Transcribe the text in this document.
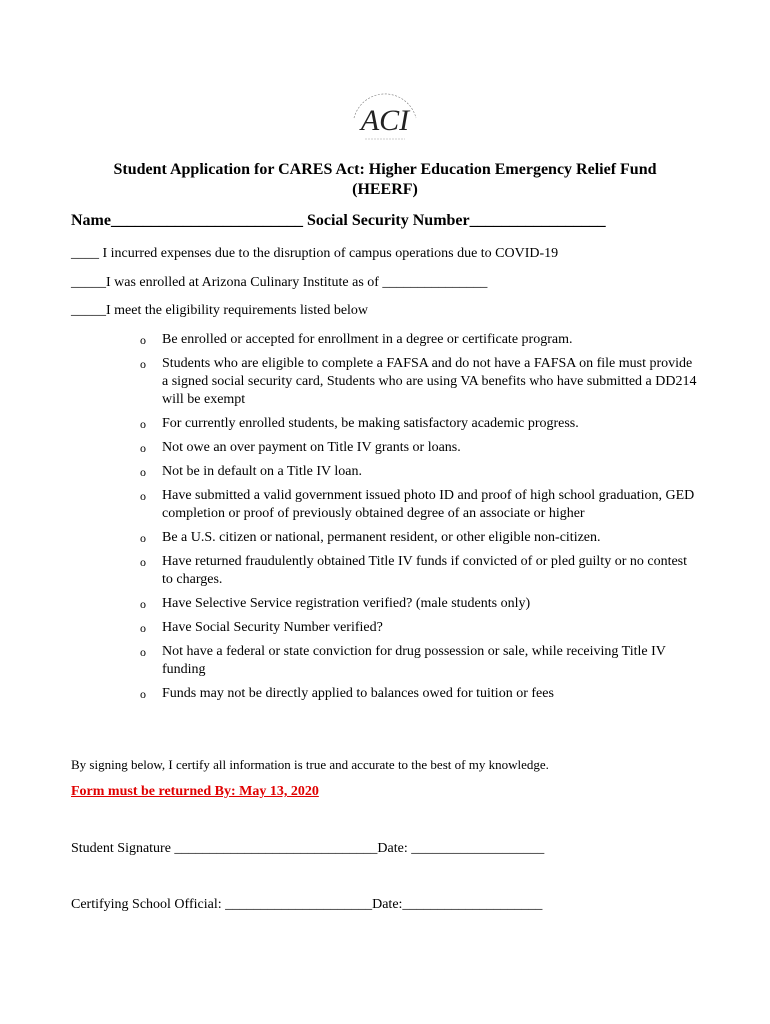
ACI
Student Application for CARES Act: Higher Education Emergency Relief Fund
(HEERF)
Name________________________ Social Security Number_________________
____ I incurred expenses due to the disruption of campus operations due to COVID-19
_____I was enrolled at Arizona Culinary Institute as of _______________
_____I meet the eligibility requirements listed below
o Be enrolled or accepted for enrollment in a degree or certificate program.
o Students who are eligible to complete a FAFSA and do not have a FAFSA on file must provide a signed social security card, Students who are using VA benefits who have submitted a DD214 will be exempt
o For currently enrolled students, be making satisfactory academic progress.
o Not owe an over payment on Title IV grants or loans.
o Not be in default on a Title IV loan.
o Have submitted a valid government issued photo ID and proof of high school graduation, GED completion or proof of previously obtained degree of an associate or higher
o Be a U.S. citizen or national, permanent resident, or other eligible non-citizen.
o Have returned fraudulently obtained Title IV funds if convicted of or pled guilty or no contest to charges.
o Have Selective Service registration verified? (male students only)
o Have Social Security Number verified?
o Not have a federal or state conviction for drug possession or sale, while receiving Title IV funding
o Funds may not be directly applied to balances owed for tuition or fees
By signing below, I certify all information is true and accurate to the best of my knowledge.
Form must be returned By: May 13, 2020
Student Signature _____________________________Date: ___________________
Certifying School Official: _____________________Date:____________________
